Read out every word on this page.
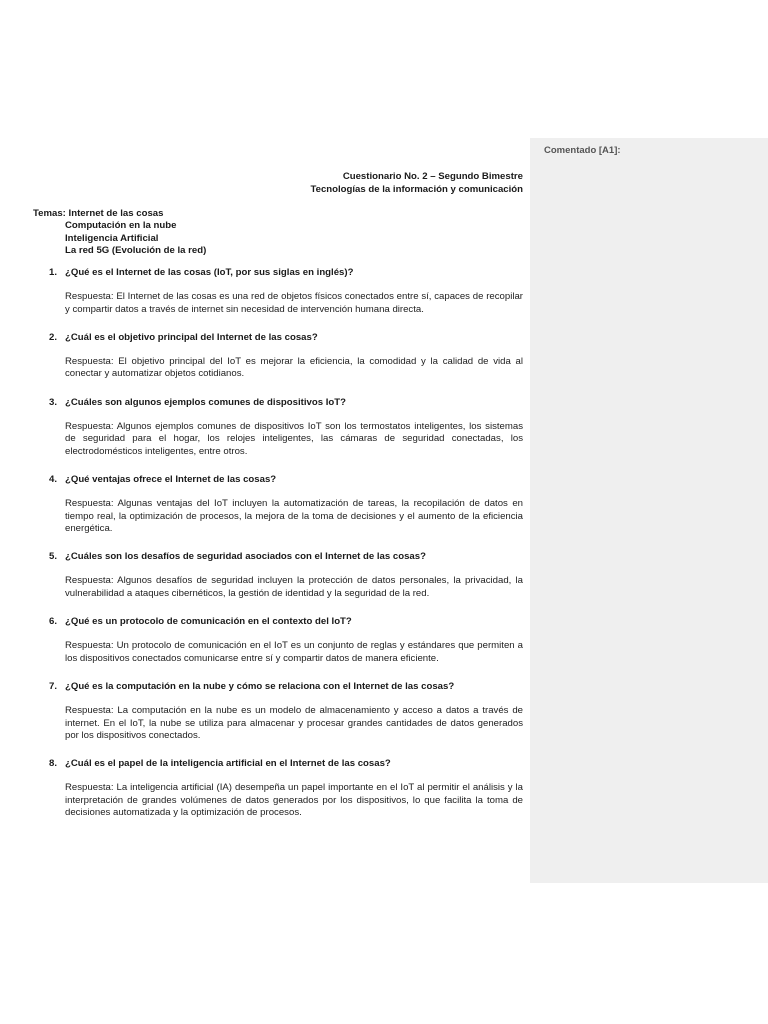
Comentado [A1]:
Cuestionario No. 2 – Segundo Bimestre
Tecnologías de la información y comunicación
Temas: Internet de las cosas
Computación en la nube
Inteligencia Artificial
La red 5G (Evolución de la red)
1. ¿Qué es el Internet de las cosas (IoT, por sus siglas en inglés)?
Respuesta: El Internet de las cosas es una red de objetos físicos conectados entre sí, capaces de recopilar y compartir datos a través de internet sin necesidad de intervención humana directa.
2. ¿Cuál es el objetivo principal del Internet de las cosas?
Respuesta: El objetivo principal del IoT es mejorar la eficiencia, la comodidad y la calidad de vida al conectar y automatizar objetos cotidianos.
3. ¿Cuáles son algunos ejemplos comunes de dispositivos IoT?
Respuesta: Algunos ejemplos comunes de dispositivos IoT son los termostatos inteligentes, los sistemas de seguridad para el hogar, los relojes inteligentes, las cámaras de seguridad conectadas, los electrodomésticos inteligentes, entre otros.
4. ¿Qué ventajas ofrece el Internet de las cosas?
Respuesta: Algunas ventajas del IoT incluyen la automatización de tareas, la recopilación de datos en tiempo real, la optimización de procesos, la mejora de la toma de decisiones y el aumento de la eficiencia energética.
5. ¿Cuáles son los desafíos de seguridad asociados con el Internet de las cosas?
Respuesta: Algunos desafíos de seguridad incluyen la protección de datos personales, la privacidad, la vulnerabilidad a ataques cibernéticos, la gestión de identidad y la seguridad de la red.
6. ¿Qué es un protocolo de comunicación en el contexto del IoT?
Respuesta: Un protocolo de comunicación en el IoT es un conjunto de reglas y estándares que permiten a los dispositivos conectados comunicarse entre sí y compartir datos de manera eficiente.
7. ¿Qué es la computación en la nube y cómo se relaciona con el Internet de las cosas?
Respuesta: La computación en la nube es un modelo de almacenamiento y acceso a datos a través de internet. En el IoT, la nube se utiliza para almacenar y procesar grandes cantidades de datos generados por los dispositivos conectados.
8. ¿Cuál es el papel de la inteligencia artificial en el Internet de las cosas?
Respuesta: La inteligencia artificial (IA) desempeña un papel importante en el IoT al permitir el análisis y la interpretación de grandes volúmenes de datos generados por los dispositivos, lo que facilita la toma de decisiones automatizada y la optimización de procesos.
